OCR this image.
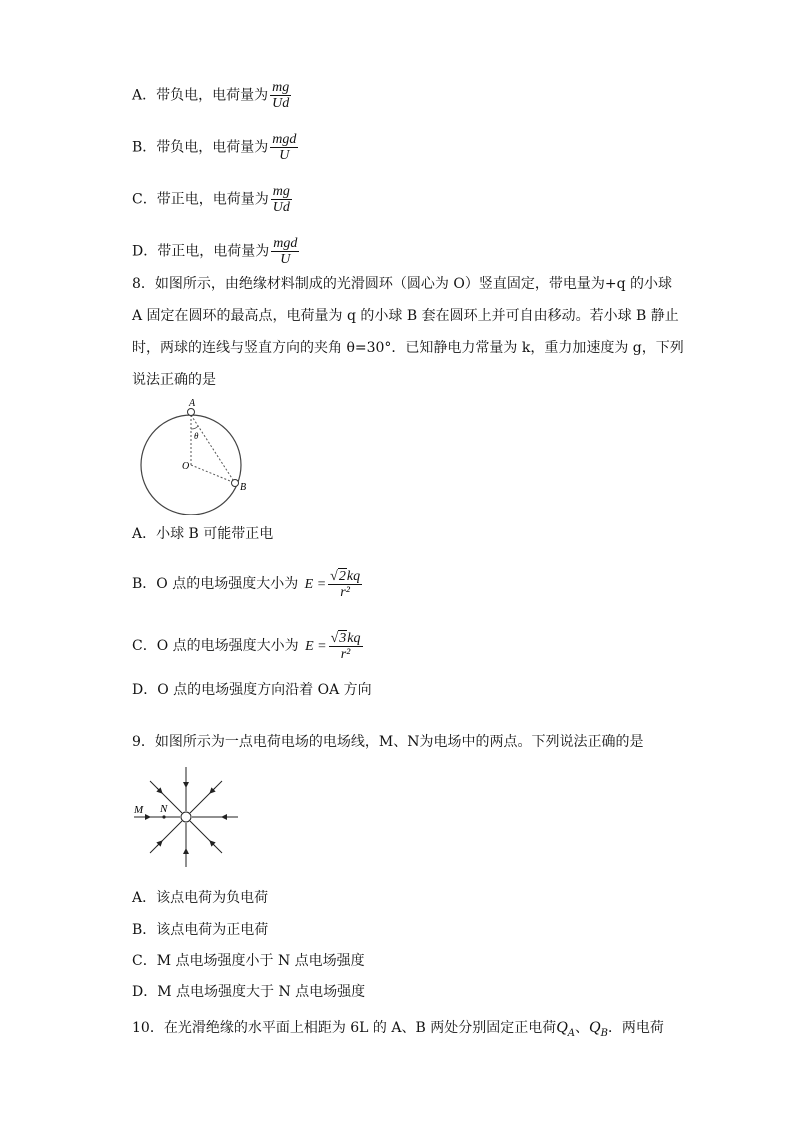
A．带负电，电荷量为 $\frac{mg}{Ud}$
B．带负电，电荷量为 $\frac{\text{mgd}}{U}$
C．带正电，电荷量为 $\frac{mg}{Ud}$
D．带正电，电荷量为 $\frac{\text{mgd}}{U}$
8．如图所示，由绝缘材料制成的光滑圆环（圆心为 O）竖直固定，带电量为+q 的小球
A 固定在圆环的最高点，电荷量为 q 的小球 B 套在圆环上并可自由移动。若小球 B 静止
时，两球的连线与竖直方向的夹角 θ=30°．已知静电力常量为 k，重力加速度为 g，下列
说法正确的是
A
B
O
θ
A．小球 B 可能带正电
B．O 点的电场强度大小为 $E = \frac{√2kq}{\text{r²}}$
C．O 点的电场强度大小为 $E = \frac{√3kq}{\text{r²}}$
D．O 点的电场强度方向沿着 OA 方向
9．如图所示为一点电荷电场的电场线，M、N为电场中的两点。下列说法正确的是
M N
A．该点电荷为负电荷
B．该点电荷为正电荷
C．M 点电场强度小于 N 点电场强度
D．M 点电场强度大于 N 点电场强度
10．在光滑绝缘的水平面上相距为 6L 的 A、B 两处分别固定正电荷$Q_A$、$Q_B$．两电荷
